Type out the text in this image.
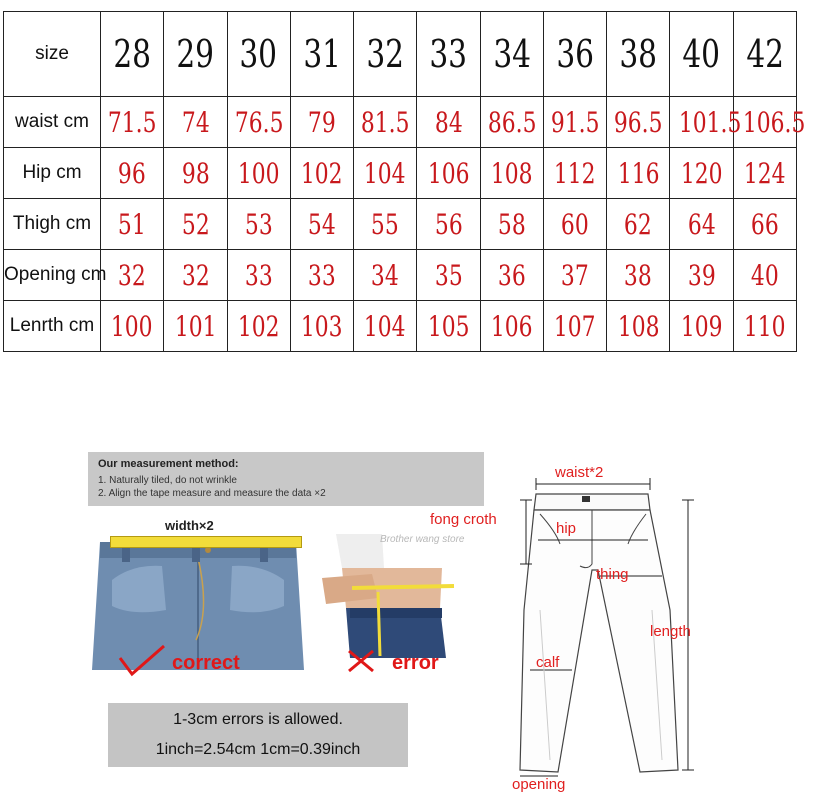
size	28	29	30	31	32	33	34	36	38	40	42
waist cm	71.5	74	76.5	79	81.5	84	86.5	91.5	96.5	101.5	106.5
Hip cm	96	98	100	102	104	106	108	112	116	120	124
Thigh cm	51	52	53	54	55	56	58	60	62	64	66
Opening cm	32	32	33	33	34	35	36	37	38	39	40
Lenrth cm	100	101	102	103	104	105	106	107	108	109	110
Our measurement method:
1. Naturally tiled, do not wrinkle
2. Align the tape measure and measure the data ×2
width×2
correct
Brother wang store
error
1-3cm errors is allowed.
1inch=2.54cm 1cm=0.39inch
waist*2
fong croth
hip
thing
length
calf
opening
